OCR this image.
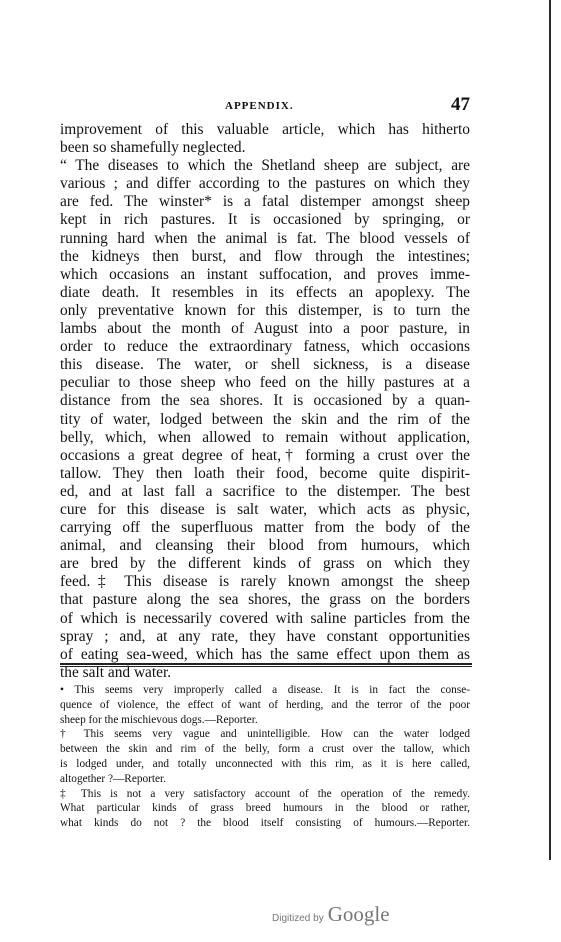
APPENDIX.	47
improvement of this valuable article, which has hitherto
been so shamefully neglected.
“ The diseases to which the Shetland sheep are subject, are
various ; and differ according to the pastures on which they
are fed. The winster* is a fatal distemper amongst sheep
kept in rich pastures. It is occasioned by springing, or
running hard when the animal is fat. The blood vessels of
the kidneys then burst, and flow through the intestines;
which occasions an instant suffocation, and proves imme-
diate death. It resembles in its effects an apoplexy. The
only preventative known for this distemper, is to turn the
lambs about the month of August into a poor pasture, in
order to reduce the extraordinary fatness, which occasions
this disease. The water, or shell sickness, is a disease
peculiar to those sheep who feed on the hilly pastures at a
distance from the sea shores. It is occasioned by a quan-
tity of water, lodged between the skin and the rim of the
belly, which, when allowed to remain without application,
occasions a great degree of heat,† forming a crust over the
tallow. They then loath their food, become quite dispirit-
ed, and at last fall a sacrifice to the distemper. The best
cure for this disease is salt water, which acts as physic,
carrying off the superfluous matter from the body of the
animal, and cleansing their blood from humours, which
are bred by the different kinds of grass on which they
feed.‡ This disease is rarely known amongst the sheep
that pasture along the sea shores, the grass on the borders
of which is necessarily covered with saline particles from the
spray ; and, at any rate, they have constant opportunities
of eating sea-weed, which has the same effect upon them as
the salt and water.
• This seems very improperly called a disease. It is in fact the conse-
quence of violence, the effect of want of herding, and the terror of the poor
sheep for the mischievous dogs.—Reporter.
† This seems very vague and unintelligible. How can the water lodged
between the skin and rim of the belly, form a crust over the tallow, which
is lodged under, and totally unconnected with this rim, as it is here called,
altogether ?—Reporter.
‡ This is not a very satisfactory account of the operation of the remedy.
What particular kinds of grass breed humours in the blood or rather,
what kinds do not ? the blood itself consisting of humours.—Reporter.
Digitized by Google
